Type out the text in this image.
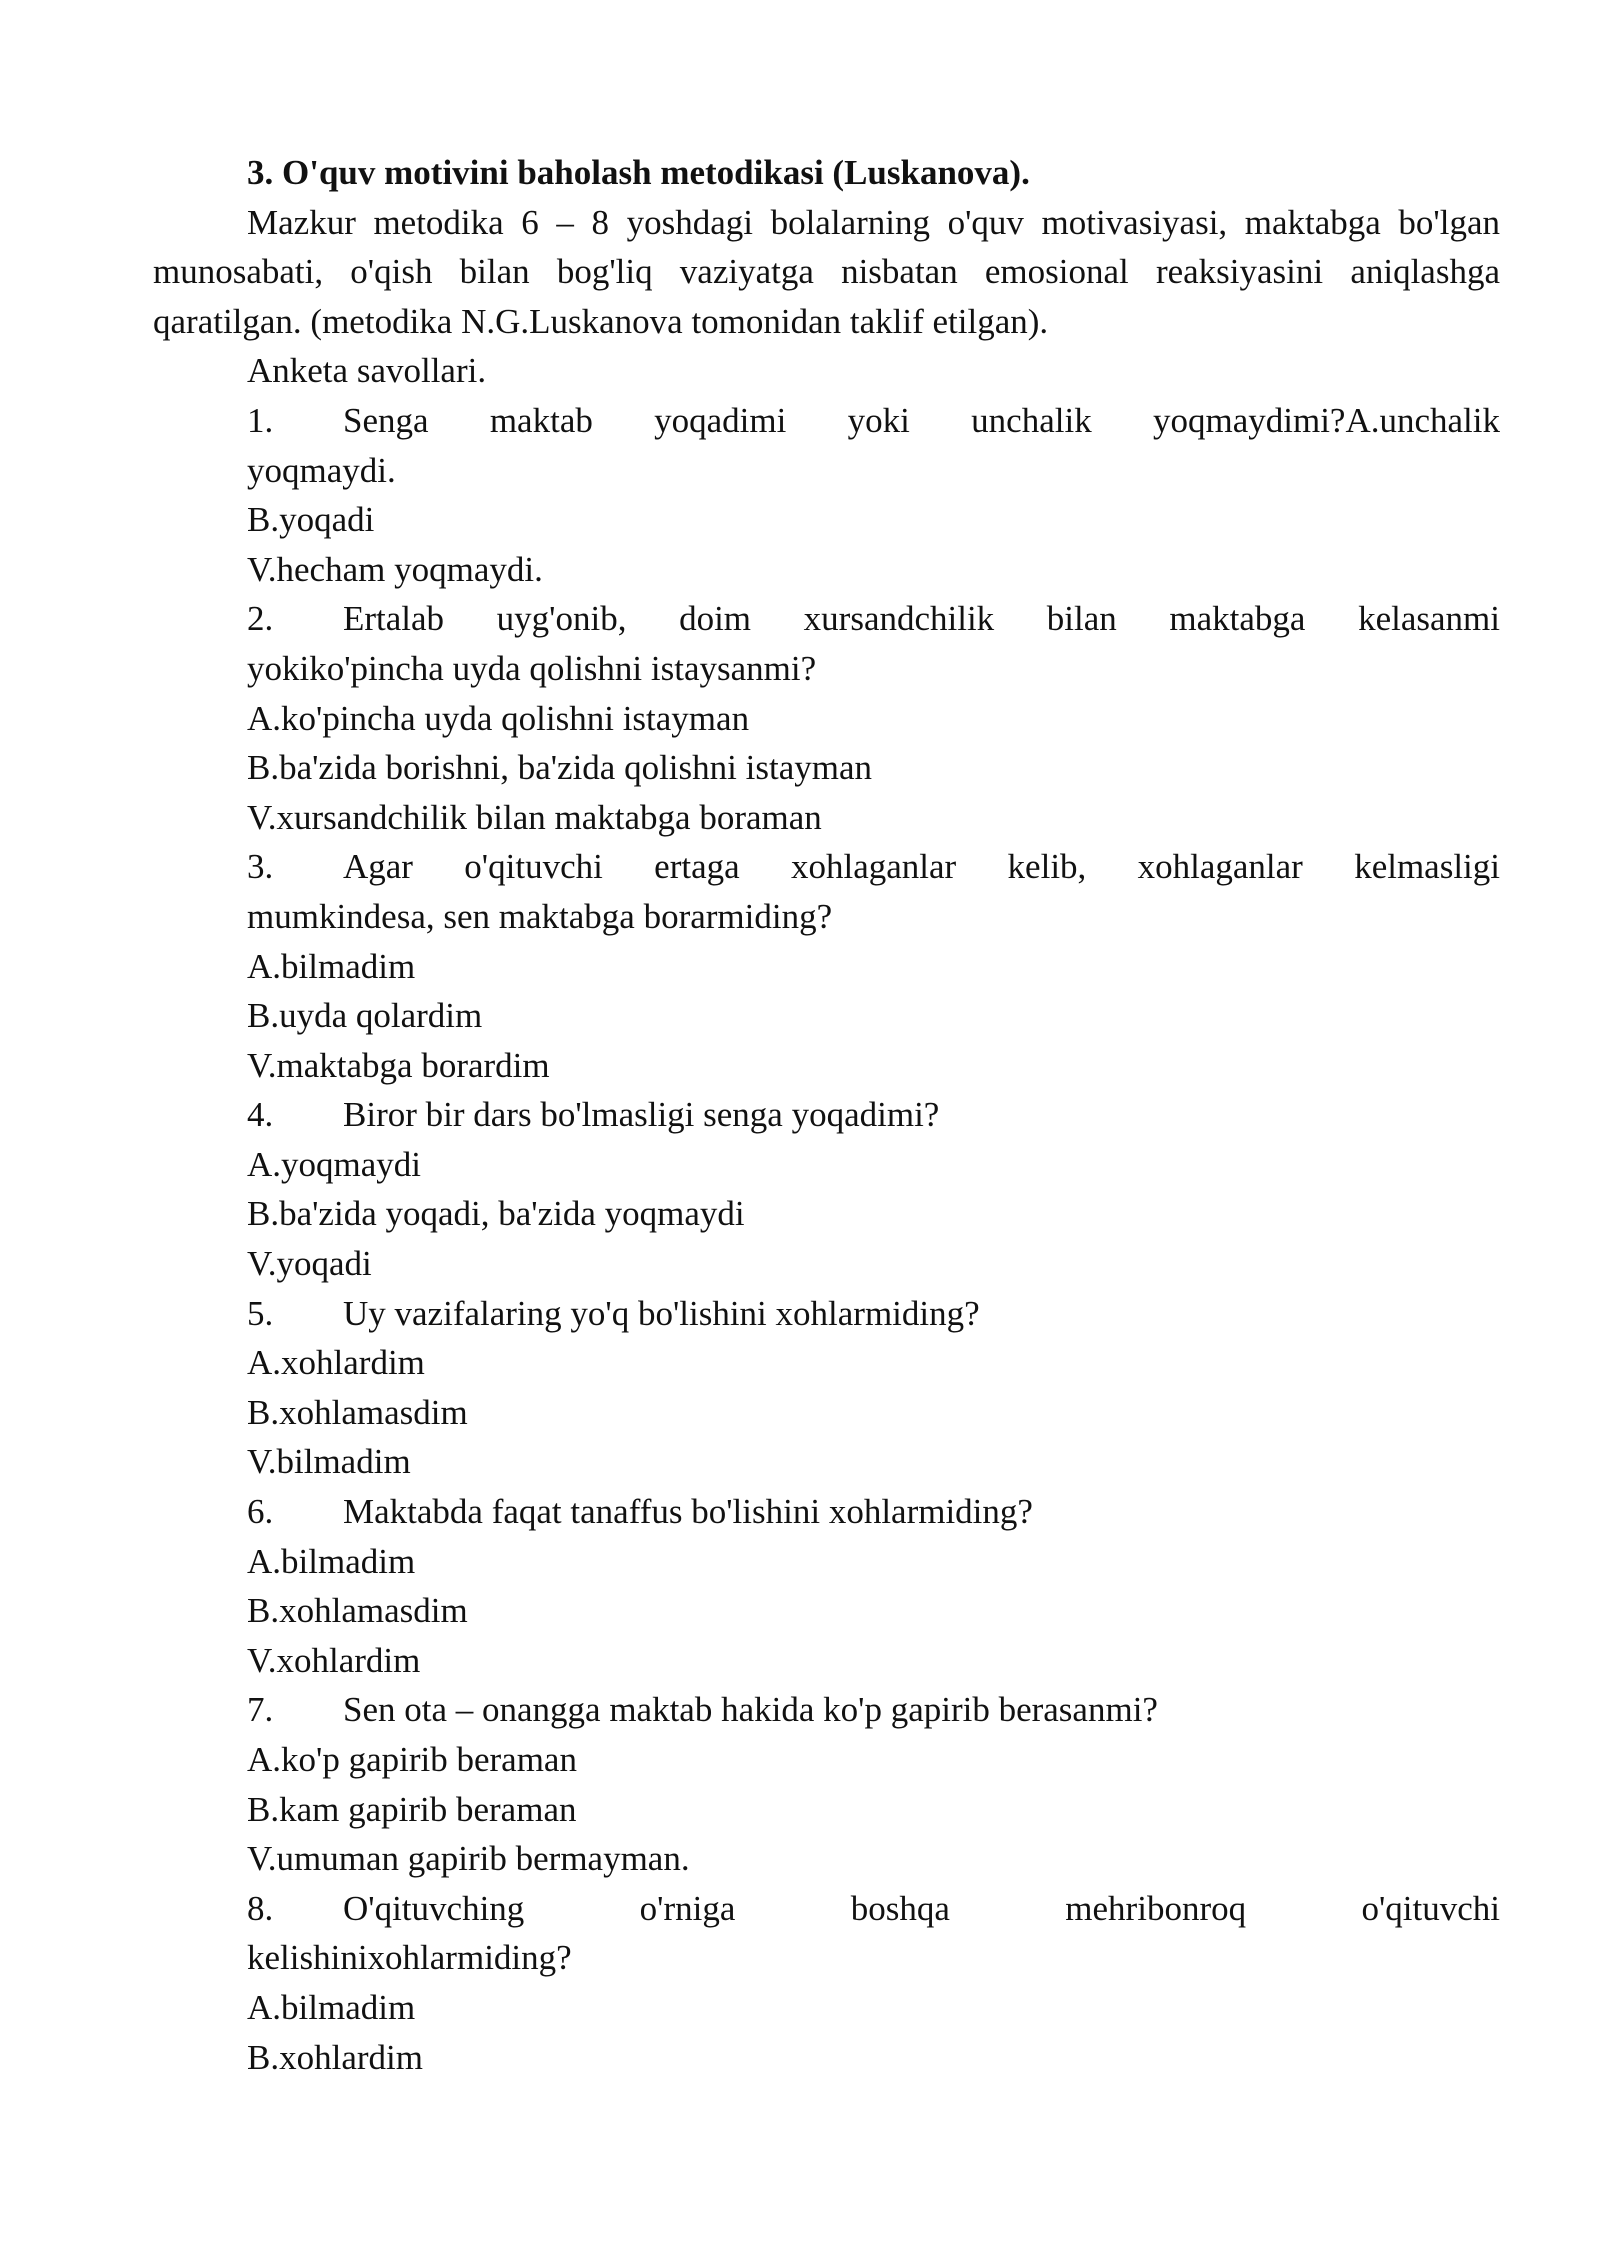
3. O'quv motivini baholash metodikasi (Luskanova).

Mazkur metodika 6 – 8 yoshdagi bolalarning o'quv motivasiyasi, maktabga bo'lgan munosabati, o'qish bilan bog'liq vaziyatga nisbatan emosional reaksiyasini aniqlashga qaratilgan. (metodika N.G.Luskanova tomonidan taklif etilgan).

Anketa savollari.

1.	Senga maktab yoqadimi yoki unchalik yoqmaydimi?A.unchalik

yoqmaydi.

B.yoqadi

V.hecham yoqmaydi.

2.	Ertalab uyg'onib, doim xursandchilik bilan maktabga kelasanmi

yokiko'pincha uyda qolishni istaysanmi?

A.ko'pincha uyda qolishni istayman

B.ba'zida borishni, ba'zida qolishni istayman

V.xursandchilik bilan maktabga boraman

3.	Agar o'qituvchi ertaga xohlaganlar kelib, xohlaganlar kelmasligi

mumkindesa, sen maktabga borarmiding?

A.bilmadim

B.uyda qolardim

V.maktabga borardim

4.	Biror bir dars bo'lmasligi senga yoqadimi?

A.yoqmaydi

B.ba'zida yoqadi, ba'zida yoqmaydi

V.yoqadi

5.	Uy vazifalaring yo'q bo'lishini xohlarmiding?

A.xohlardim

B.xohlamasdim

V.bilmadim

6.	Maktabda faqat tanaffus bo'lishini xohlarmiding?

A.bilmadim

B.xohlamasdim

V.xohlardim

7.	Sen ota – onangga maktab hakida ko'p gapirib berasanmi?

A.ko'p gapirib beraman

B.kam gapirib beraman

V.umuman gapirib bermayman.

8.	O'qituvching o'rniga boshqa mehribonroq o'qituvchi

kelishinixohlarmiding?

A.bilmadim

B.xohlardim
